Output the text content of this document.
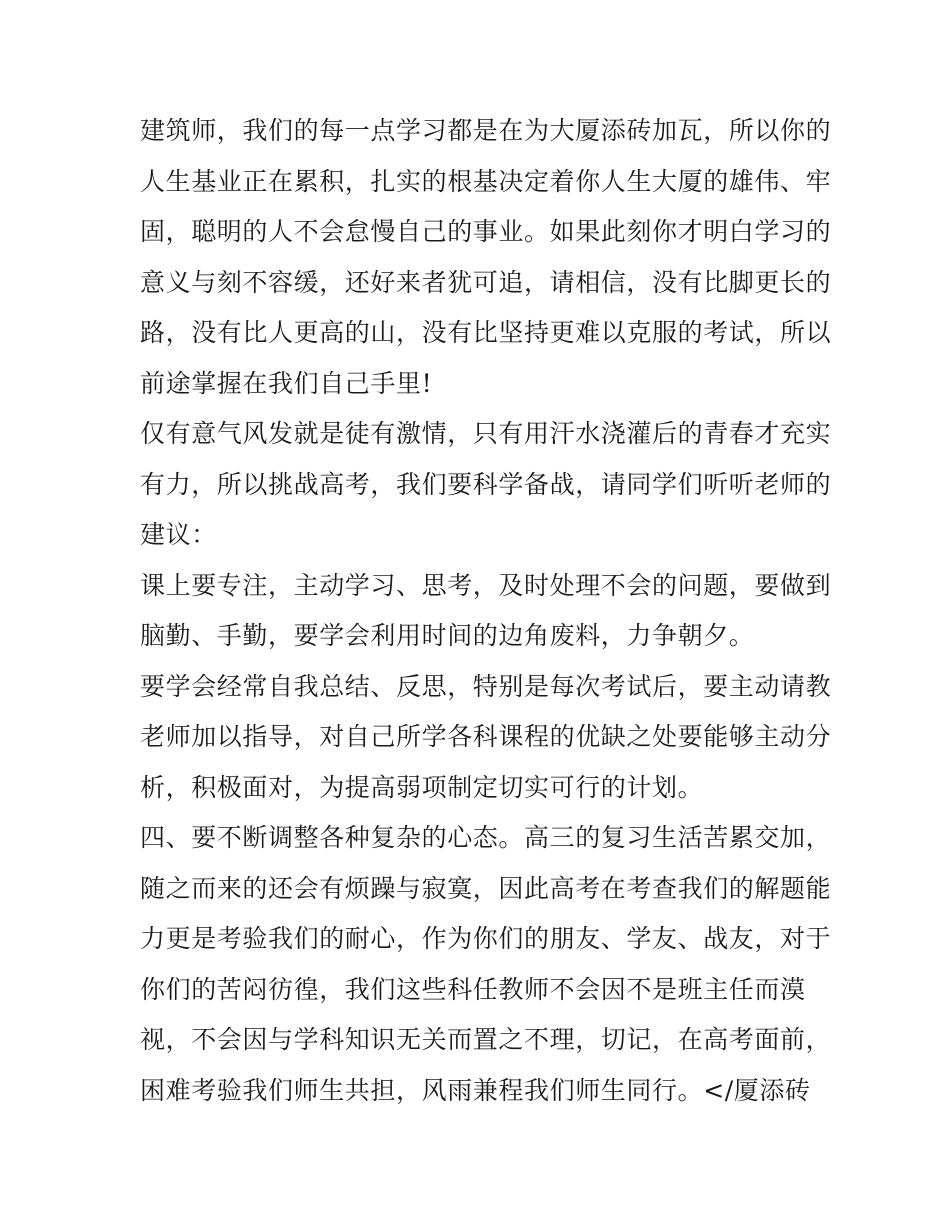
建筑师，我们的每一点学习都是在为大厦添砖加瓦，所以你的
人生基业正在累积，扎实的根基决定着你人生大厦的雄伟、牢
固，聪明的人不会怠慢自己的事业。如果此刻你才明白学习的
意义与刻不容缓，还好来者犹可追，请相信，没有比脚更长的
路，没有比人更高的山，没有比坚持更难以克服的考试，所以
前途掌握在我们自己手里!
仅有意气风发就是徒有激情，只有用汗水浇灌后的青春才充实
有力，所以挑战高考，我们要科学备战，请同学们听听老师的
建议：
课上要专注，主动学习、思考，及时处理不会的问题，要做到
脑勤、手勤，要学会利用时间的边角废料，力争朝夕。
要学会经常自我总结、反思，特别是每次考试后，要主动请教
老师加以指导，对自己所学各科课程的优缺之处要能够主动分
析，积极面对，为提高弱项制定切实可行的计划。
四、要不断调整各种复杂的心态。高三的复习生活苦累交加，
随之而来的还会有烦躁与寂寞，因此高考在考查我们的解题能
力更是考验我们的耐心，作为你们的朋友、学友、战友，对于
你们的苦闷彷徨，我们这些科任教师不会因不是班主任而漠
视，不会因与学科知识无关而置之不理，切记，在高考面前，
困难考验我们师生共担，风雨兼程我们师生同行。</厦添砖
